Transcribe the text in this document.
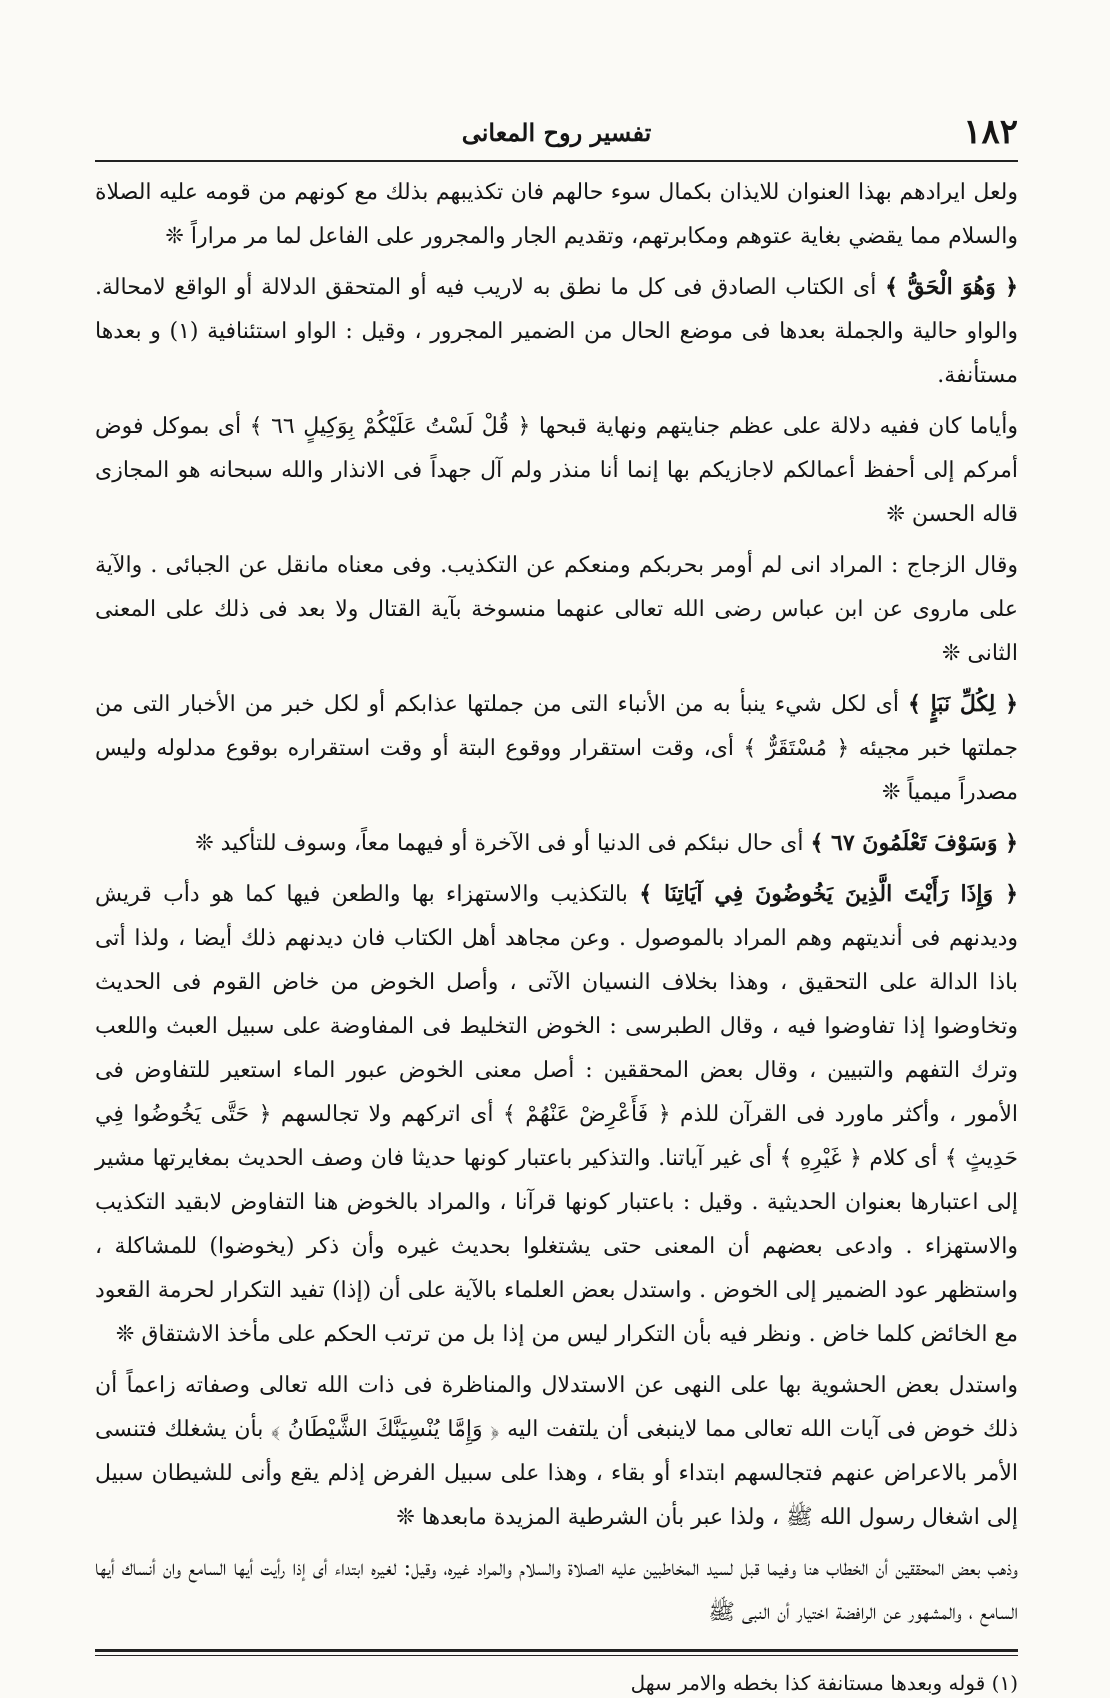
١٨٢
تفسير روح المعانى

ولعل ايرادهم بهذا العنوان للايذان بكمال سوء حالهم فان تكذيبهم بذلك مع كونهم من قومه عليه الصلاة والسلام مما يقضي بغاية عتوهم ومكابرتهم، وتقديم الجار والمجرور على الفاعل لما مر مراراً ❊

﴿ وَهُوَ الْحَقُّ ﴾ أى الكتاب الصادق فى كل ما نطق به لاريب فيه أو المتحقق الدلالة أو الواقع لامحالة. والواو حالية والجملة بعدها فى موضع الحال من الضمير المجرور ، وقيل : الواو استئنافية (١) و بعدها مستأنفة.

وأياما كان ففيه دلالة على عظم جنايتهم ونهاية قبحها ﴿ قُلْ لَسْتُ عَلَيْكُمْ بِوَكِيلٍ ٦٦ ﴾ أى بموكل فوض أمركم إلى أحفظ أعمالكم لاجازيكم بها إنما أنا منذر ولم آل جهداً فى الانذار والله سبحانه هو المجازى قاله الحسن ❊

وقال الزجاج : المراد انى لم أومر بحربكم ومنعكم عن التكذيب. وفى معناه مانقل عن الجبائى . والآية على ماروى عن ابن عباس رضى الله تعالى عنهما منسوخة بآية القتال ولا بعد فى ذلك على المعنى الثانى ❊

﴿ لِكُلِّ نَبَإٍ ﴾ أى لكل شيء ينبأ به من الأنباء التى من جملتها عذابكم أو لكل خبر من الأخبار التى من جملتها خبر مجيئه ﴿ مُسْتَقَرٌّ ﴾ أى، وقت استقرار ووقوع البتة أو وقت استقراره بوقوع مدلوله وليس مصدراً ميمياً ❊

﴿ وَسَوْفَ تَعْلَمُونَ ٦٧ ﴾ أى حال نبئكم فى الدنيا أو فى الآخرة أو فيهما معاً، وسوف للتأكيد ❊

﴿ وَإِذَا رَأَيْتَ الَّذِينَ يَخُوضُونَ فِي آيَاتِنَا ﴾ بالتكذيب والاستهزاء بها والطعن فيها كما هو دأب قريش وديدنهم فى أنديتهم وهم المراد بالموصول . وعن مجاهد أهل الكتاب فان ديدنهم ذلك أيضا ، ولذا أتى باذا الدالة على التحقيق ، وهذا بخلاف النسيان الآتى ، وأصل الخوض من خاض القوم فى الحديث وتخاوضوا إذا تفاوضوا فيه ، وقال الطبرسى : الخوض التخليط فى المفاوضة على سبيل العبث واللعب وترك التفهم والتبيين ، وقال بعض المحققين : أصل معنى الخوض عبور الماء استعير للتفاوض فى الأمور ، وأكثر ماورد فى القرآن للذم ﴿ فَأَعْرِضْ عَنْهُمْ ﴾ أى اتركهم ولا تجالسهم ﴿ حَتَّى يَخُوضُوا فِي حَدِيثٍ ﴾ أى كلام ﴿ غَيْرِهِ ﴾ أى غير آياتنا. والتذكير باعتبار كونها حديثا فان وصف الحديث بمغايرتها مشير إلى اعتبارها بعنوان الحديثية . وقيل : باعتبار كونها قرآنا ، والمراد بالخوض هنا التفاوض لابقيد التكذيب والاستهزاء . وادعى بعضهم أن المعنى حتى يشتغلوا بحديث غيره وأن ذكر (يخوضوا) للمشاكلة ، واستظهر عود الضمير إلى الخوض . واستدل بعض العلماء بالآية على أن (إذا) تفيد التكرار لحرمة القعود مع الخائض كلما خاض . ونظر فيه بأن التكرار ليس من إذا بل من ترتب الحكم على مأخذ الاشتقاق ❊

واستدل بعض الحشوية بها على النهى عن الاستدلال والمناظرة فى ذات الله تعالى وصفاته زاعماً أن ذلك خوض فى آيات الله تعالى مما لاينبغى أن يلتفت اليه ﴿ وَإِمَّا يُنْسِيَنَّكَ الشَّيْطَانُ ﴾ بأن يشغلك فتنسى الأمر بالاعراض عنهم فتجالسهم ابتداء أو بقاء ، وهذا على سبيل الفرض إذلم يقع وأنى للشيطان سبيل إلى اشغال رسول الله ﷺ ، ولذا عبر بأن الشرطية المزيدة مابعدها ❊

وذهب بعض المحققين أن الخطاب هنا وفيما قبل لسيد المخاطبين عليه الصلاة والسلام والمراد غيره، وقيل: لغيره ابتداء أى إذا رأيت أيها السامع وان أنساك أيها السامع ، والمشهور عن الرافضة اختيار أن النبى ﷺ

(١) قوله وبعدها مستانفة كذا بخطه والامر سهل
